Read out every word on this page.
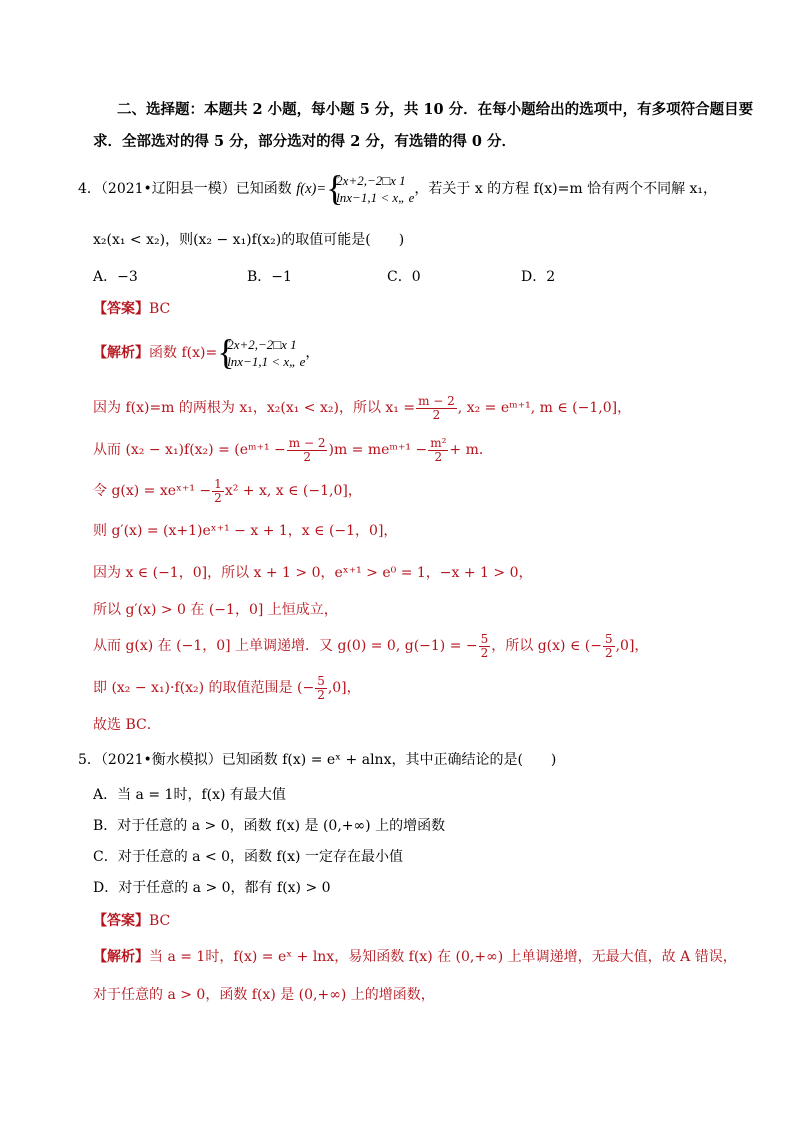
二、选择题：本题共 2 小题，每小题 5 分，共 10 分．在每小题给出的选项中，有多项符合题目要
求．全部选对的得 5 分，部分选对的得 2 分，有选错的得 0 分．
4．（2021•辽阳县一模）已知函数 f(x)= {
2x+2,−2□x 1
lnx−1,1 < x„ e
，若关于 x 的方程 f(x)=m 恰有两个不同解 x₁，
x₂(x₁ < x₂)，则(x₂ − x₁)f(x₂)的取值可能是(　　)
A．−3	B．−1	C．0	D．2
【答案】BC
【解析】函数 f(x)= {
2x+2,−2□x 1
lnx−1,1 < x„ e
，
因为 f(x)=m 的两根为 x₁，x₂(x₁ < x₂)，所以 $x_1 = \frac{m - 2}{2}$ , x₂ = eᵐ⁺¹, m ∈ (−1,0]，
从而 (x₂ − x₁)f(x₂) = (eᵐ⁺¹ − $\frac{m - 2}{2} )m$ = meᵐ⁺¹ − $\frac{\text{m²}}{2} + m$．
令 g(x) = xeˣ⁺¹ − $\frac{1}{2} x^2 + x$, x ∈ (−1,0]，
则 g′(x) = (x+1)eˣ⁺¹ − x + 1，x ∈ (−1，0]，
因为 x ∈ (−1，0]，所以 x + 1 > 0，eˣ⁺¹ > e⁰ = 1，−x + 1 > 0，
所以 g′(x) > 0 在 (−1，0] 上恒成立，
从而 g(x) 在 (−1，0] 上单调递增．又 g(0) = 0, g(−1) = − $\frac{5}{2}$ ，所以 g(x) ∈ (− $\frac{5}{2} ,0$]，
即 (x₂ − x₁)·f(x₂) 的取值范围是 (− $\frac{5}{2} ,0$]，
故选 BC．
5．（2021•衡水模拟）已知函数 f(x) = eˣ + alnx，其中正确结论的是(　　)
A．当 a = 1时，f(x) 有最大值
B．对于任意的 a > 0，函数 f(x) 是 (0,+∞) 上的增函数
C．对于任意的 a < 0，函数 f(x) 一定存在最小值
D．对于任意的 a > 0，都有 f(x) > 0
【答案】BC
【解析】当 a = 1时，f(x) = eˣ + lnx，易知函数 f(x) 在 (0,+∞) 上单调递增，无最大值，故 A 错误，
对于任意的 a > 0，函数 f(x) 是 (0,+∞) 上的增函数，
